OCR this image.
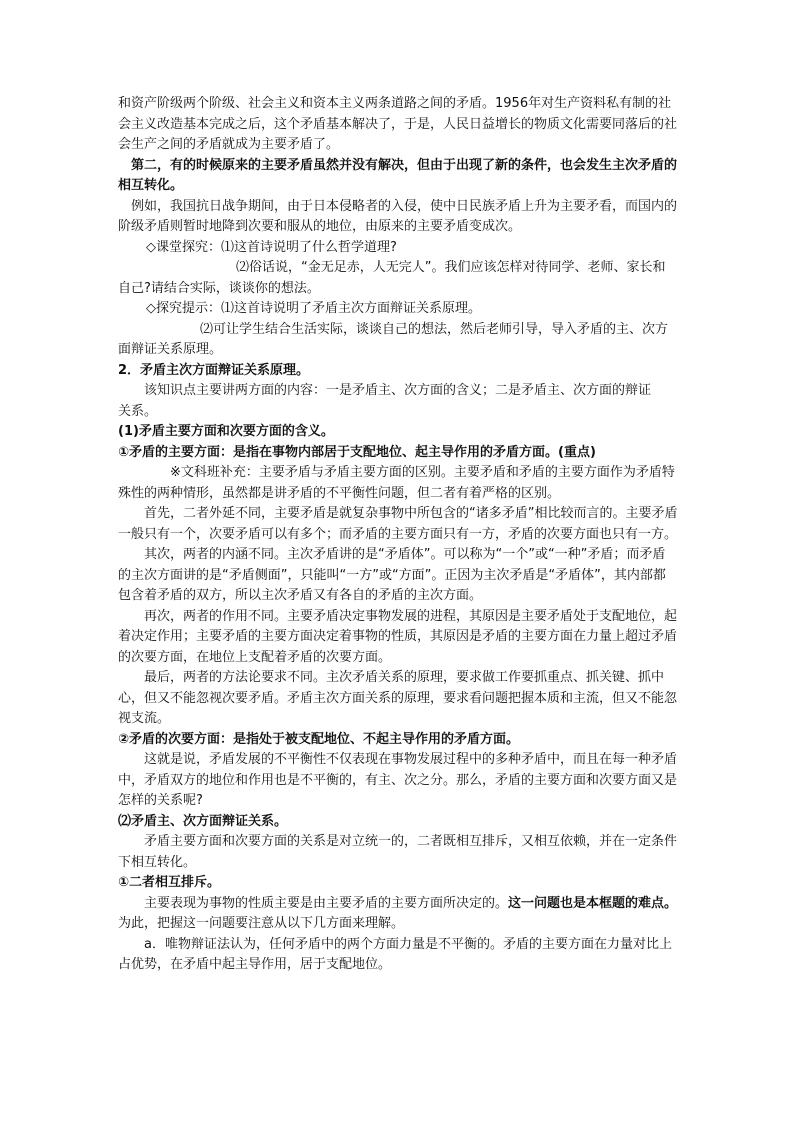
和资产阶级两个阶级、社会主义和资本主义两条道路之间的矛盾。1956年对生产资料私有制的社会主义改造基本完成之后，这个矛盾基本解决了，于是，人民日益增长的物质文化需要同落后的社会生产之间的矛盾就成为主要矛盾了。

第二，有的时候原来的主要矛盾虽然并没有解决，但由于出现了新的条件，也会发生主次矛盾的相互转化。

例如，我国抗日战争期间，由于日本侵略者的入侵，使中日民族矛盾上升为主要矛看，而国内的阶级矛盾则暂时地降到次要和服从的地位，由原来的主要矛盾变成次。

◇课堂探究：⑴这首诗说明了什么哲学道理?

⑵俗话说，“金无足赤，人无完人”。我们应该怎样对待同学、老师、家长和自己?请结合实际，谈谈你的想法。

◇探究提示：⑴这首诗说明了矛盾主次方面辩证关系原理。

⑵可让学生结合生活实际，谈谈自己的想法，然后老师引导，导入矛盾的主、次方面辩证关系原理。

2．矛盾主次方面辩证关系原理。

该知识点主要讲两方面的内容：一是矛盾主、次方面的含义；二是矛盾主、次方面的辩证关系。

(1)矛盾主要方面和次要方面的含义。

①矛盾的主要方面：是指在事物内部居于支配地位、起主导作用的矛盾方面。(重点)

※文科班补充：主要矛盾与矛盾主要方面的区别。主要矛盾和矛盾的主要方面作为矛盾特殊性的两种情形，虽然都是讲矛盾的不平衡性问题，但二者有着严格的区别。

首先，二者外延不同，主要矛盾是就复杂事物中所包含的“诸多矛盾”相比较而言的。主要矛盾一般只有一个，次要矛盾可以有多个；而矛盾的主要方面只有一方，矛盾的次要方面也只有一方。

其次，两者的内涵不同。主次矛盾讲的是“矛盾体”。可以称为“一个”或“一种”矛盾；而矛盾的主次方面讲的是“矛盾侧面”，只能叫“一方”或“方面”。正因为主次矛盾是“矛盾体”，其内部都包含着矛盾的双方，所以主次矛盾又有各自的矛盾的主次方面。

再次，两者的作用不同。主要矛盾决定事物发展的进程，其原因是主要矛盾处于支配地位，起着决定作用；主要矛盾的主要方面决定着事物的性质，其原因是矛盾的主要方面在力量上超过矛盾的次要方面，在地位上支配着矛盾的次要方面。

最后，两者的方法论要求不同。主次矛盾关系的原理，要求做工作要抓重点、抓关键、抓中心，但又不能忽视次要矛盾。矛盾主次方面关系的原理，要求看问题把握本质和主流，但又不能忽视支流。

②矛盾的次要方面：是指处于被支配地位、不起主导作用的矛盾方面。

这就是说，矛盾发展的不平衡性不仅表现在事物发展过程中的多种矛盾中，而且在每一种矛盾中，矛盾双方的地位和作用也是不平衡的，有主、次之分。那么，矛盾的主要方面和次要方面又是怎样的关系呢?

⑵矛盾主、次方面辩证关系。

矛盾主要方面和次要方面的关系是对立统一的，二者既相互排斥，又相互依赖，并在一定条件下相互转化。

①二者相互排斥。

主要表现为事物的性质主要是由主要矛盾的主要方面所决定的。这一问题也是本框题的难点。为此，把握这一问题要注意从以下几方面来理解。

a．唯物辩证法认为，任何矛盾中的两个方面力量是不平衡的。矛盾的主要方面在力量对比上占优势，在矛盾中起主导作用，居于支配地位。
